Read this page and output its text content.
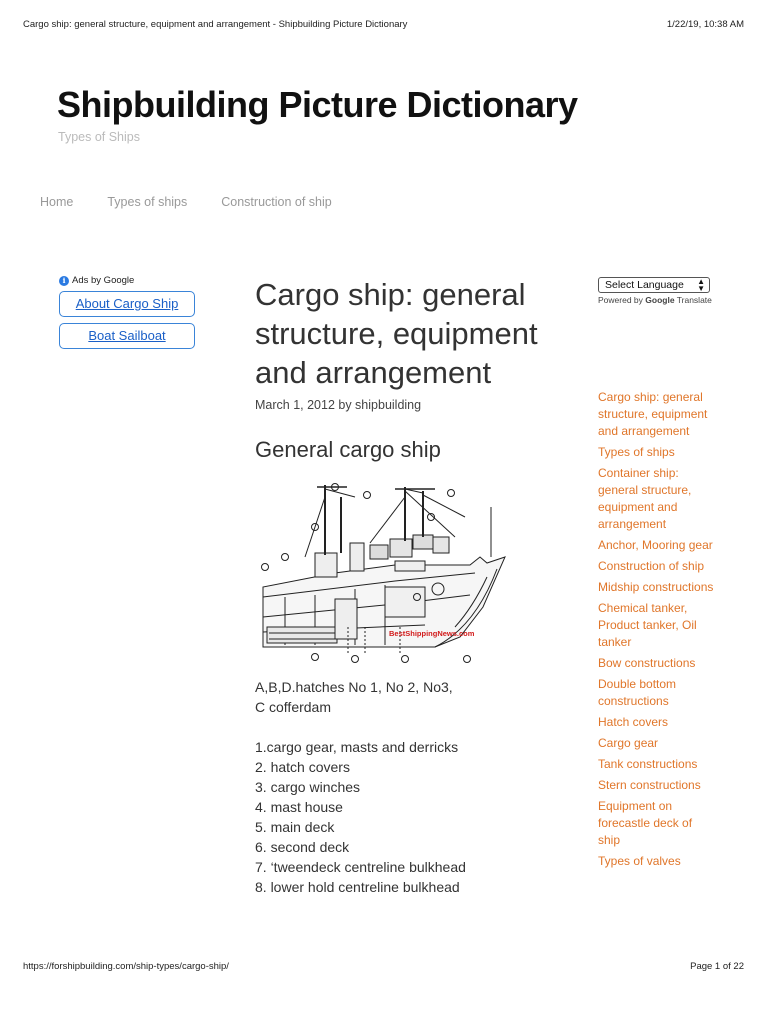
Cargo ship: general structure, equipment and arrangement - Shipbuilding Picture Dictionary	1/22/19, 10:38 AM
Shipbuilding Picture Dictionary
Types of Ships
Home	Types of ships	Construction of ship
i Ads by Google
About Cargo Ship
Boat Sailboat
Cargo ship: general structure, equipment and arrangement
March 1, 2012 by shipbuilding
General cargo ship
BestShippingNews.com

A,B,D.hatches No 1, No 2, No3,

C cofferdam

1.cargo gear, masts and derricks

2. hatch covers

3. cargo winches

4. mast house

5. main deck

6. second deck

7. ‘tweendeck centreline bulkhead

8. lower hold centreline bulkhead

Select Language ▲
▼
Powered by Google Translate
Cargo ship: general structure, equipment and arrangement
Types of ships
Container ship: general structure, equipment and arrangement
Anchor, Mooring gear
Construction of ship
Midship constructions
Chemical tanker, Product tanker, Oil tanker
Bow constructions
Double bottom constructions
Hatch covers
Cargo gear
Tank constructions
Stern constructions
Equipment on forecastle deck of ship
Types of valves
https://forshipbuilding.com/ship-types/cargo-ship/	Page 1 of 22
